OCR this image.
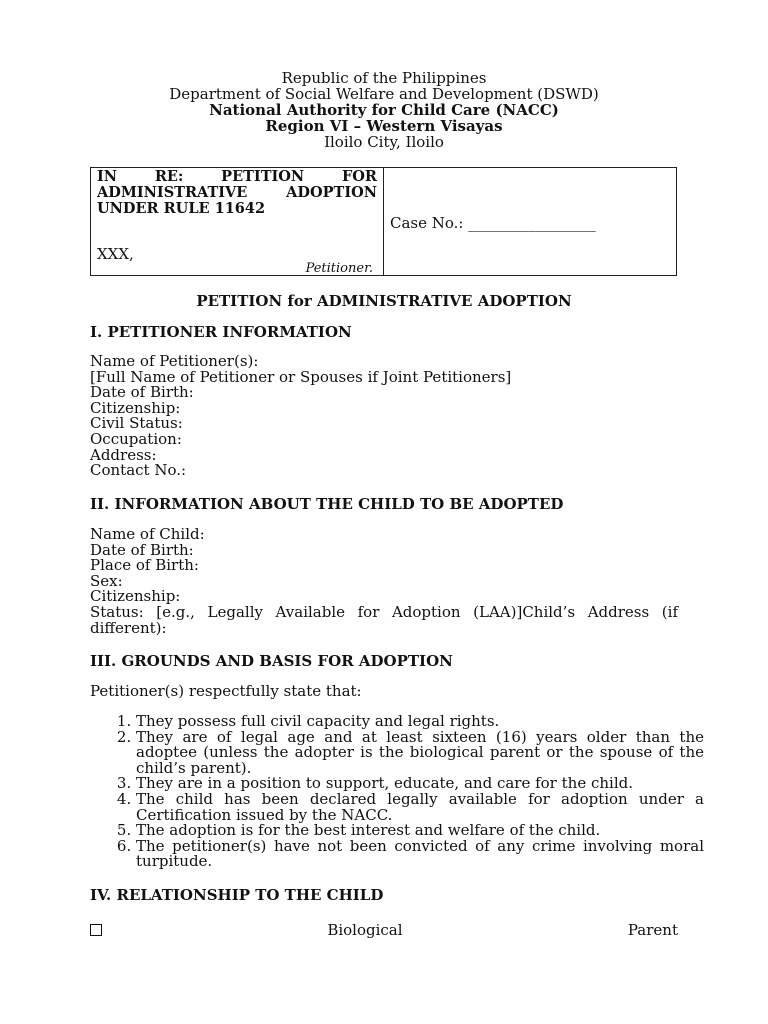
Republic of the Philippines
Department of Social Welfare and Development (DSWD)
National Authority for Child Care (NACC)
Region VI – Western Visayas
Iloilo City, Iloilo
IN RE: PETITION FOR
ADMINISTRATIVE ADOPTION
UNDER RULE 11642
XXX,
Petitioner.
Case No.: _________________
PETITION for ADMINISTRATIVE ADOPTION
I. PETITIONER INFORMATION
Name of Petitioner(s):
[Full Name of Petitioner or Spouses if Joint Petitioners]
Date of Birth:
Citizenship:
Civil Status:
Occupation:
Address:
Contact No.:
II. INFORMATION ABOUT THE CHILD TO BE ADOPTED
Name of Child:
Date of Birth:
Place of Birth:
Sex:
Citizenship:
Status: [e.g., Legally Available for Adoption (LAA)]Child’s Address (if different):
III. GROUNDS AND BASIS FOR ADOPTION
Petitioner(s) respectfully state that:
1. They possess full civil capacity and legal rights.
2. They are of legal age and at least sixteen (16) years older than the adoptee (unless the adopter is the biological parent or the spouse of the child’s parent).
3. They are in a position to support, educate, and care for the child.
4. The child has been declared legally available for adoption under a Certification issued by the NACC.
5. The adoption is for the best interest and welfare of the child.
6. The petitioner(s) have not been convicted of any crime involving moral turpitude.
IV. RELATIONSHIP TO THE CHILD
Biological	Parent
